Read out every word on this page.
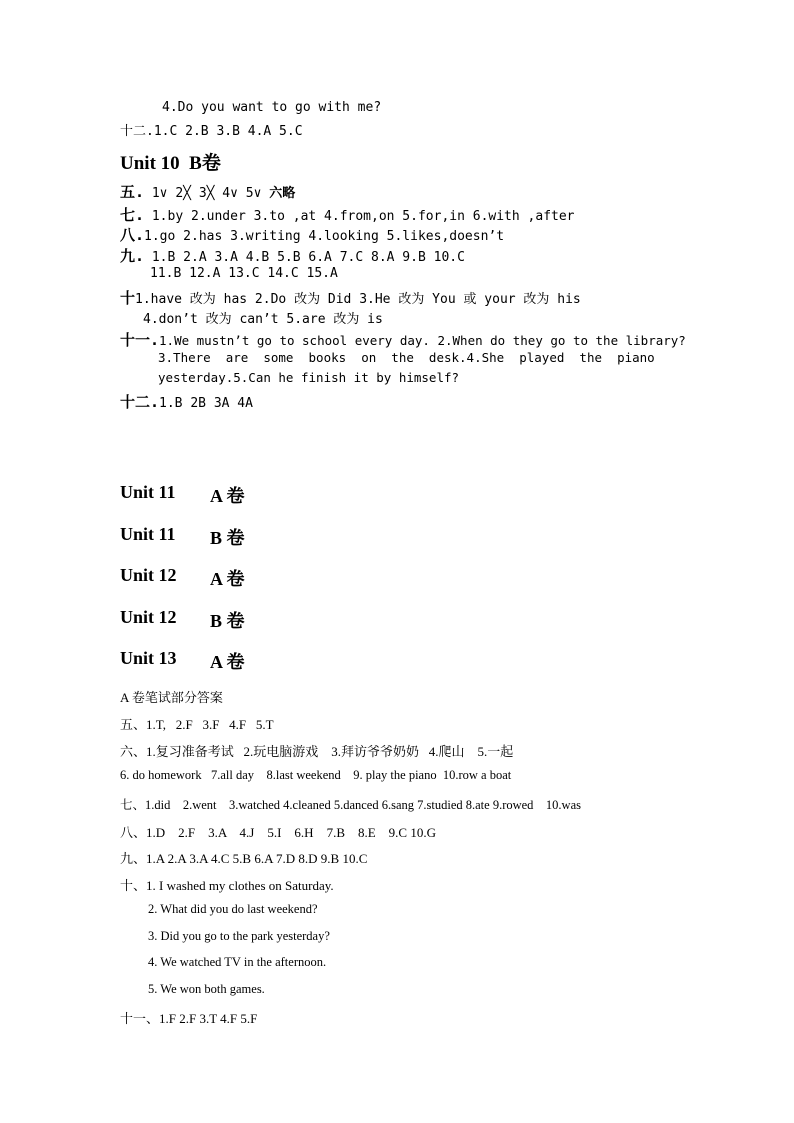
4.Do you want to go with me?
十二.1.C 2.B 3.B 4.A 5.C
Unit 10  B卷
五. 1∨ 2╳ 3╳ 4∨ 5∨ 六略
七. 1.by 2.under 3.to ,at 4.from,on 5.for,in 6.with ,after
八.1.go 2.has 3.writing 4.looking 5.likes,doesn’t
九. 1.B 2.A 3.A 4.B 5.B 6.A 7.C 8.A 9.B 10.C
11.B 12.A 13.C 14.C 15.A
十1.have 改为 has 2.Do 改为 Did 3.He 改为 You 或 your 改为 his
4.don’t 改为 can’t 5.are 改为 is
十一.1.We mustn’t go to school every day. 2.When do they go to the library?
3.There  are  some  books  on  the  desk.4.She  played  the  piano
yesterday.5.Can he finish it by himself?
十二.1.B 2B 3A 4A
Unit 11 A 卷
Unit 11 B 卷
Unit 12 A 卷
Unit 12 B 卷
Unit 13 A 卷
A 卷笔试部分答案
五、1.T,   2.F   3.F   4.F   5.T
六、1.复习准备考试   2.玩电脑游戏    3.拜访爷爷奶奶   4.爬山    5.一起
6. do homework   7.all day    8.last weekend    9. play the piano  10.row a boat
七、1.did    2.went    3.watched 4.cleaned 5.danced 6.sang 7.studied 8.ate 9.rowed    10.was
八、1.D    2.F    3.A    4.J    5.I    6.H    7.B    8.E    9.C 10.G
九、1.A 2.A 3.A 4.C 5.B 6.A 7.D 8.D 9.B 10.C
十、1. I washed my clothes on Saturday.
2. What did you do last weekend?
3. Did you go to the park yesterday?
4. We watched TV in the afternoon.
5. We won both games.
十一、1.F 2.F 3.T 4.F 5.F
